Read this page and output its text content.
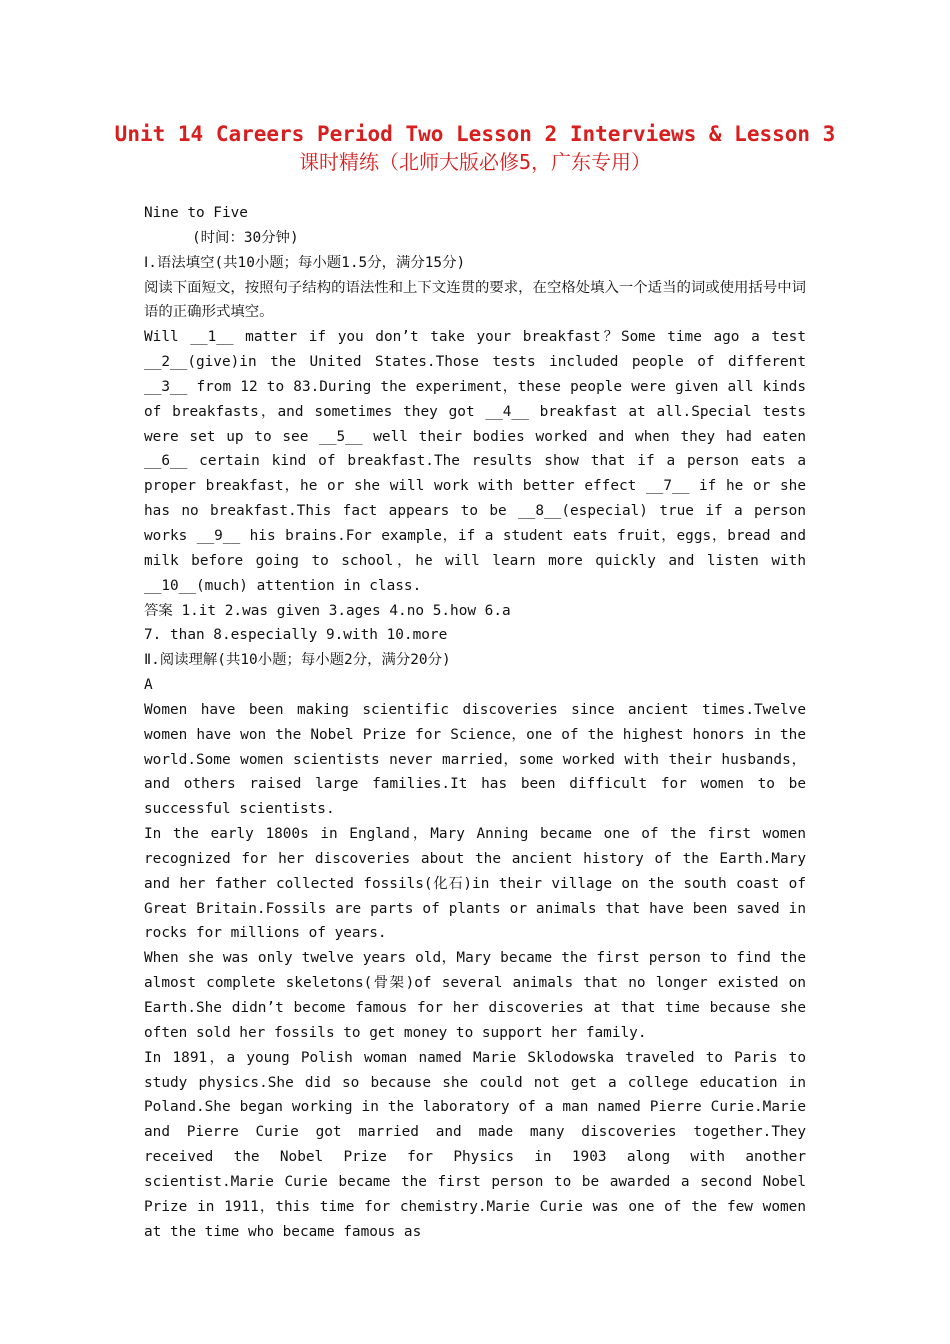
Unit 14 Careers Period Two Lesson 2 Interviews & Lesson 3
课时精练（北师大版必修5，广东专用）

Nine to Five

(时间：30分钟)

Ⅰ.语法填空(共10小题；每小题1.5分，满分15分)

阅读下面短文，按照句子结构的语法性和上下文连贯的要求，在空格处填入一个适当的词或使用括号中词语的正确形式填空。

Will __1__ matter if you don’t take your breakfast？Some time ago a test __2__(give)in the United States.Those tests included people of different __3__ from 12 to 83.During the experiment，these people were given all kinds of breakfasts，and sometimes they got __4__ breakfast at all.Special tests were set up to see __5__ well their bodies worked and when they had eaten __6__ certain kind of breakfast.The results show that if a person eats a proper breakfast，he or she will work with better effect __7__ if he or she has no breakfast.This fact appears to be __8__(especial) true if a person works __9__ his brains.For example，if a student eats fruit，eggs，bread and milk before going to school，he will learn more quickly and listen with __10__(much) attention in class.

答案 1.it 2.was given 3.ages 4.no 5.how 6.a

7. than 8.especially 9.with 10.more

Ⅱ.阅读理解(共10小题；每小题2分，满分20分)

A

Women have been making scientific discoveries since ancient times.Twelve women have won the Nobel Prize for Science，one of the highest honors in the world.Some women scientists never married，some worked with their husbands，and others raised large families.It has been difficult for women to be successful scientists.

In the early 1800s in England，Mary Anning became one of the first women recognized for her discoveries about the ancient history of the Earth.Mary and her father collected fossils(化石)in their village on the south coast of Great Britain.Fossils are parts of plants or animals that have been saved in rocks for millions of years.

When she was only twelve years old，Mary became the first person to find the almost complete skeletons(骨架)of several animals that no longer existed on Earth.She didn’t become famous for her discoveries at that time because she often sold her fossils to get money to support her family.

In 1891，a young Polish woman named Marie Sklodowska traveled to Paris to study physics.She did so because she could not get a college education in Poland.She began working in the laboratory of a man named Pierre Curie.Marie and Pierre Curie got married and made many discoveries together.They received the Nobel Prize for Physics in 1903 along with another scientist.Marie Curie became the first person to be awarded a second Nobel Prize in 1911，this time for chemistry.Marie Curie was one of the few women at the time who became famous as
